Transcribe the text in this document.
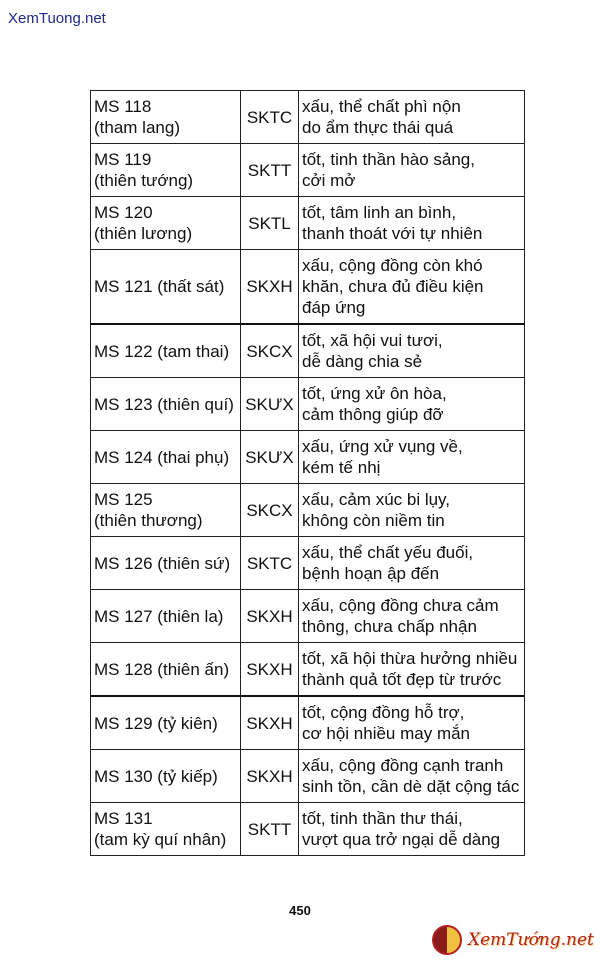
XemTuong.net
MS 118
(tham lang)	SKTC	xấu, thể chất phì nộn
do ẩm thực thái quá
MS 119
(thiên tướng)	SKTT	tốt, tinh thần hào sảng,
cởi mở
MS 120
(thiên lương)	SKTL	tốt, tâm linh an bình,
thanh thoát với tự nhiên
MS 121 (thất sát)	SKXH	xấu, cộng đồng còn khó
khăn, chưa đủ điều kiện
đáp ứng
MS 122 (tam thai)	SKCX	tốt, xã hội vui tươi,
dễ dàng chia sẻ
MS 123 (thiên quí)	SKƯX	tốt, ứng xử ôn hòa,
cảm thông giúp đỡ
MS 124 (thai phụ)	SKƯX	xấu, ứng xử vụng về,
kém tế nhị
MS 125
(thiên thương)	SKCX	xấu, cảm xúc bi lụy,
không còn niềm tin
MS 126 (thiên sứ)	SKTC	xấu, thể chất yếu đuối,
bệnh hoạn ập đến
MS 127 (thiên la)	SKXH	xấu, cộng đồng chưa cảm
thông, chưa chấp nhận
MS 128 (thiên ấn)	SKXH	tốt, xã hội thừa hưởng nhiều
thành quả tốt đẹp từ trước
MS 129 (tỷ kiên)	SKXH	tốt, cộng đồng hỗ trợ,
cơ hội nhiều may mắn
MS 130 (tỷ kiếp)	SKXH	xấu, cộng đồng cạnh tranh
sinh tồn, cần dè dặt cộng tác
MS 131
(tam kỳ quí nhân)	SKTT	tốt, tinh thần thư thái,
vượt qua trở ngại dễ dàng
450
XemTướng.net
